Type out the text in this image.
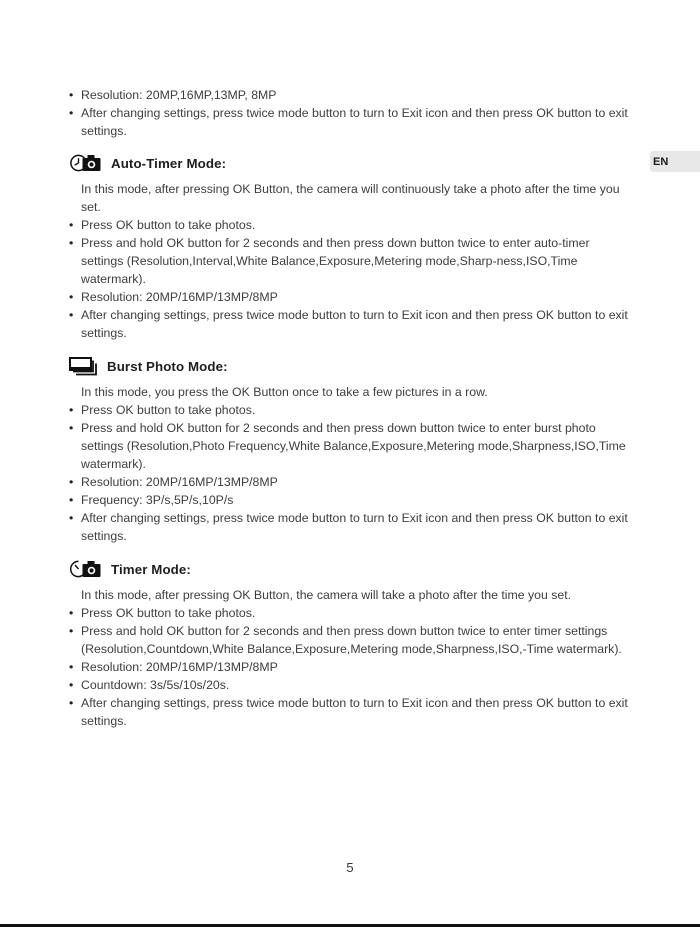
EN
• Resolution: 20MP,16MP,13MP, 8MP
• After changing settings, press twice mode button to turn to Exit icon and then press OK button to exit settings.
Auto-Timer Mode:
In this mode, after pressing OK Button, the camera will continuously take a photo after the time you set.
• Press OK button to take photos.
• Press and hold OK button for 2 seconds and then press down button twice to enter auto-timer settings (Resolution,Interval,White Balance,Exposure,Metering mode,Sharp-ness,ISO,Time watermark).
• Resolution: 20MP/16MP/13MP/8MP
• After changing settings, press twice mode button to turn to Exit icon and then press OK button to exit settings.
Burst Photo Mode:
In this mode, you press the OK Button once to take a few pictures in a row.
• Press OK button to take photos.
• Press and hold OK button for 2 seconds and then press down button twice to enter burst photo settings (Resolution,Photo Frequency,White Balance,Exposure,Metering mode,Sharpness,ISO,Time watermark).
• Resolution: 20MP/16MP/13MP/8MP
• Frequency: 3P/s,5P/s,10P/s
• After changing settings, press twice mode button to turn to Exit icon and then press OK button to exit settings.
Timer Mode:
In this mode, after pressing OK Button, the camera will take a photo after the time you set.
• Press OK button to take photos.
• Press and hold OK button for 2 seconds and then press down button twice to enter timer settings (Resolution,Countdown,White Balance,Exposure,Metering mode,Sharpness,ISO,-Time watermark).
• Resolution: 20MP/16MP/13MP/8MP
• Countdown: 3s/5s/10s/20s.
• After changing settings, press twice mode button to turn to Exit icon and then press OK button to exit settings.
5
